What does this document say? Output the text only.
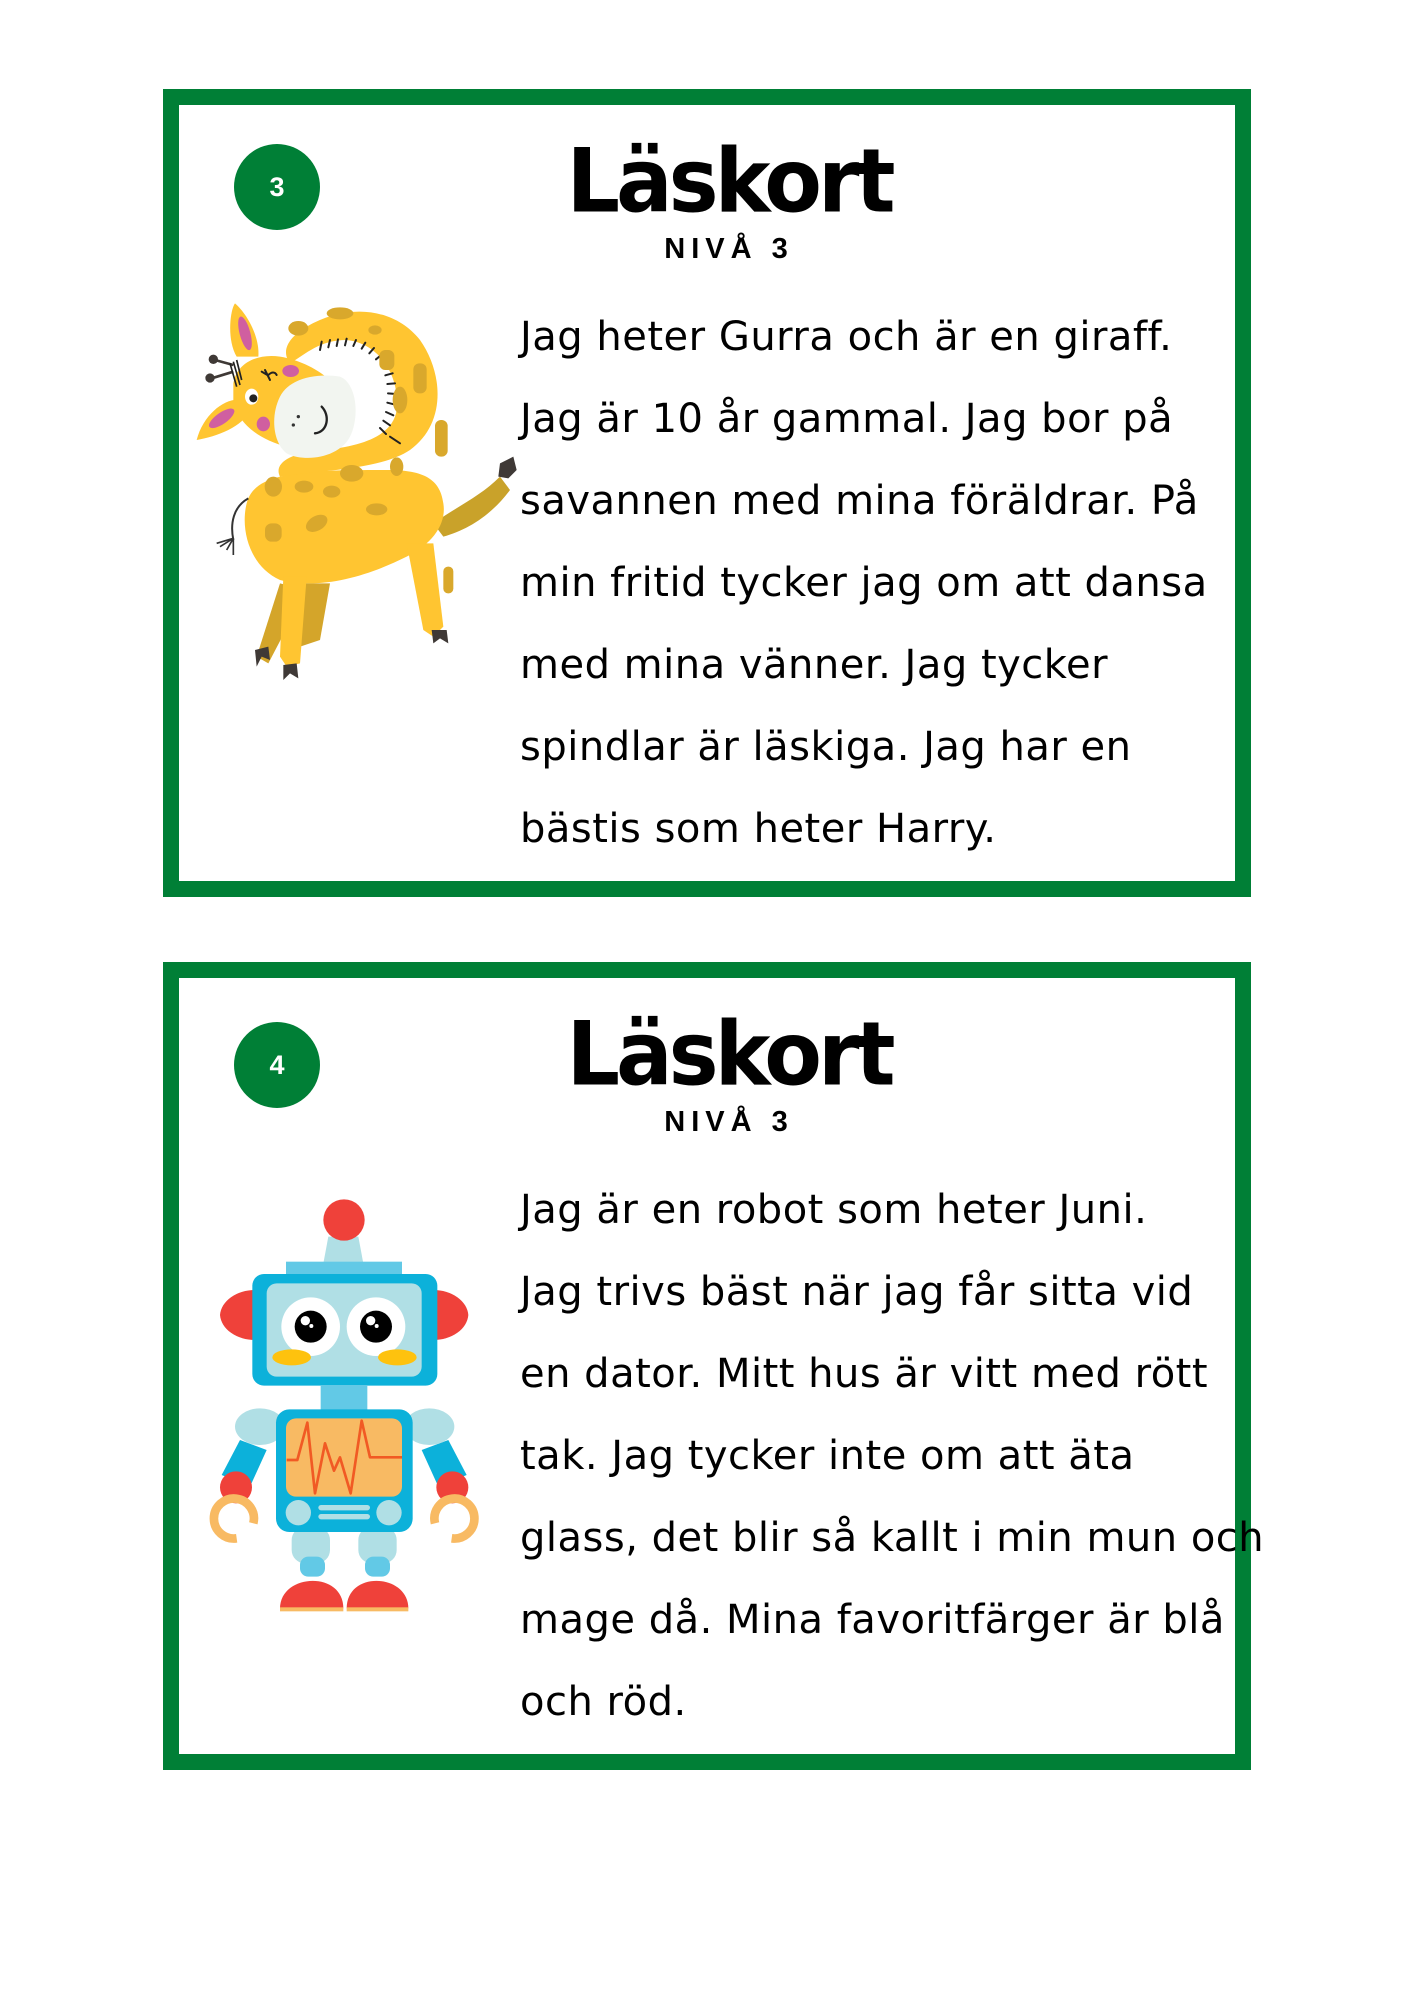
3	Läskort
NIVÅ 3
Jag heter Gurra och är en giraff.
Jag är 10 år gammal. Jag bor på
savannen med mina föräldrar. På
min fritid tycker jag om att dansa
med mina vänner. Jag tycker
spindlar är läskiga. Jag har en
bästis som heter Harry.
4	Läskort
NIVÅ 3
Jag är en robot som heter Juni.
Jag trivs bäst när jag får sitta vid
en dator. Mitt hus är vitt med rött
tak. Jag tycker inte om att äta
glass, det blir så kallt i min mun och
mage då. Mina favoritfärger är blå
och röd.
